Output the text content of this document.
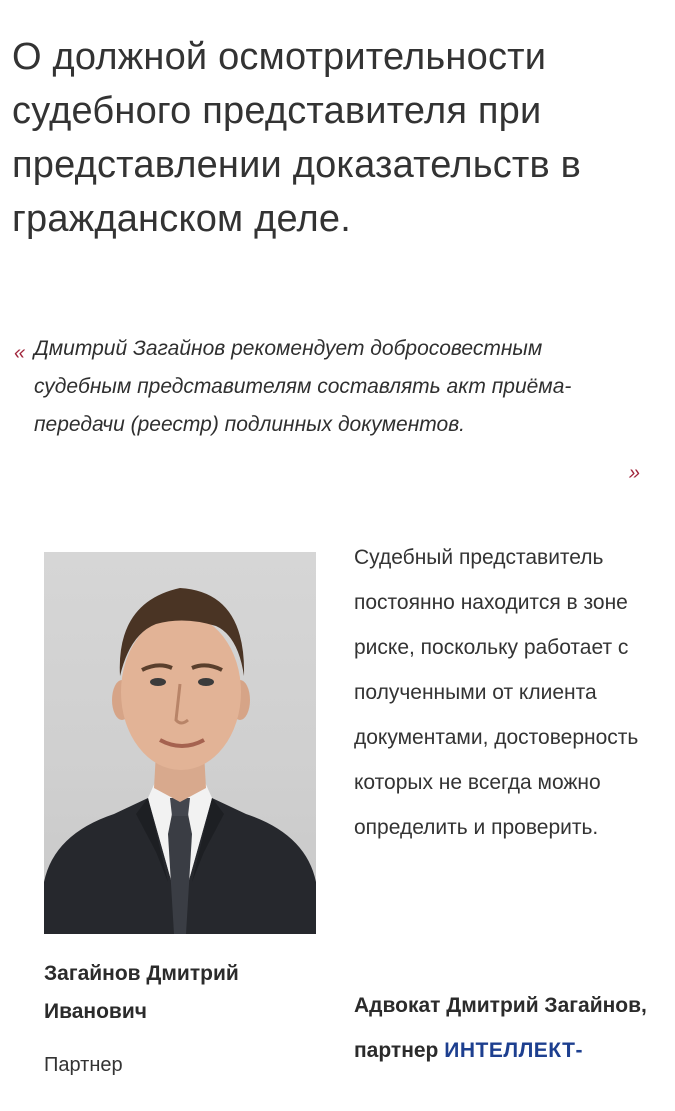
О должной осмотрительности судебного представителя при представлении доказательств в гражданском деле.
« Дмитрий Загайнов рекомендует добросовестным судебным представителям составлять акт приёма-передачи (реестр) подлинных документов.
»
Загайнов Дмитрий Иванович
Партнер
Судебный представитель постоянно находится в зоне риске, поскольку работает с полученными от клиента документами, достоверность которых не всегда можно определить и проверить.
Адвокат Дмитрий Загайнов, партнер ИНТЕЛЛЕКТ-
